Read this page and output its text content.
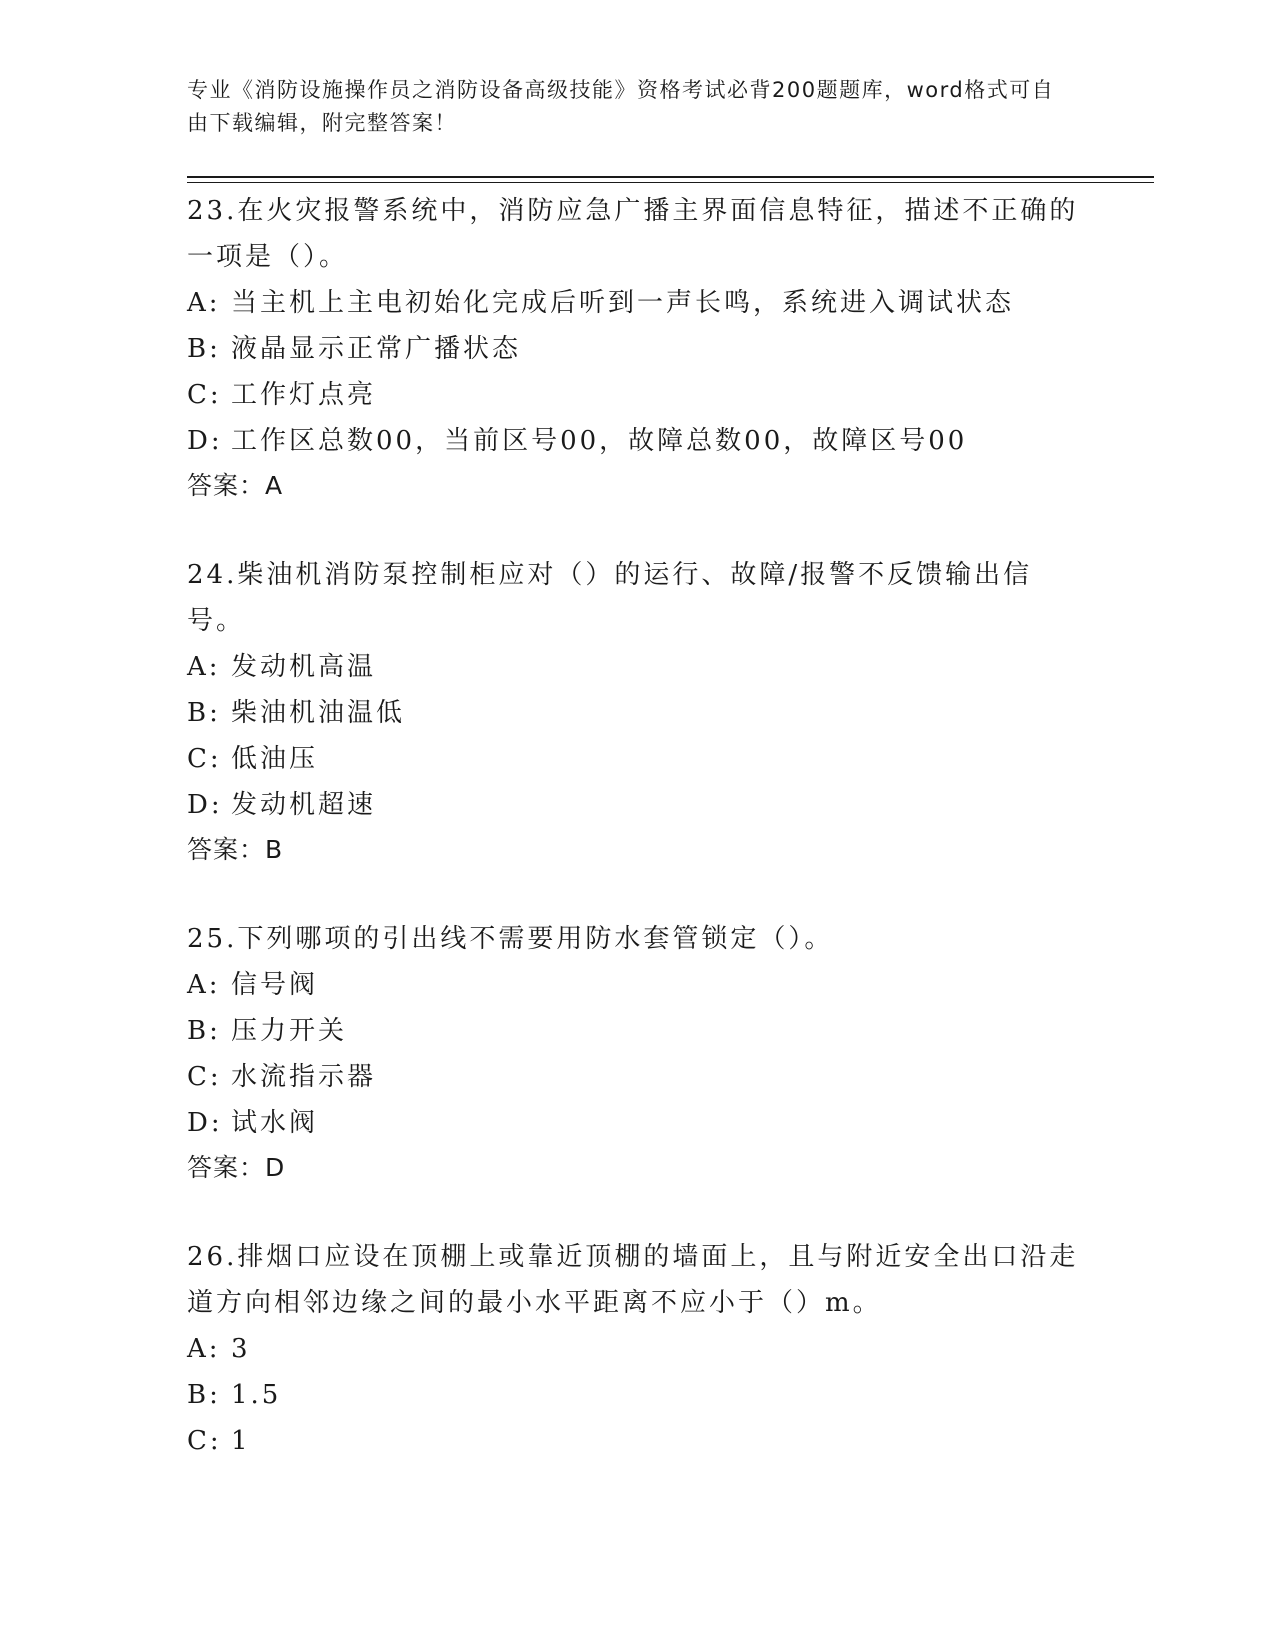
专业《消防设施操作员之消防设备高级技能》资格考试必背200题题库，word格式可自由下载编辑，附完整答案！

23.在火灾报警系统中，消防应急广播主界面信息特征，描述不正确的一项是（）。

A: 当主机上主电初始化完成后听到一声长鸣，系统进入调试状态

B: 液晶显示正常广播状态

C: 工作灯点亮

D: 工作区总数00，当前区号00，故障总数00，故障区号00

答案：A

24.柴油机消防泵控制柜应对（）的运行、故障/报警不反馈输出信号。

A: 发动机高温

B: 柴油机油温低

C: 低油压

D: 发动机超速

答案：B

25.下列哪项的引出线不需要用防水套管锁定（）。

A: 信号阀

B: 压力开关

C: 水流指示器

D: 试水阀

答案：D

26.排烟口应设在顶棚上或靠近顶棚的墙面上，且与附近安全出口沿走道方向相邻边缘之间的最小水平距离不应小于（）m。

A: 3

B: 1.5

C: 1
